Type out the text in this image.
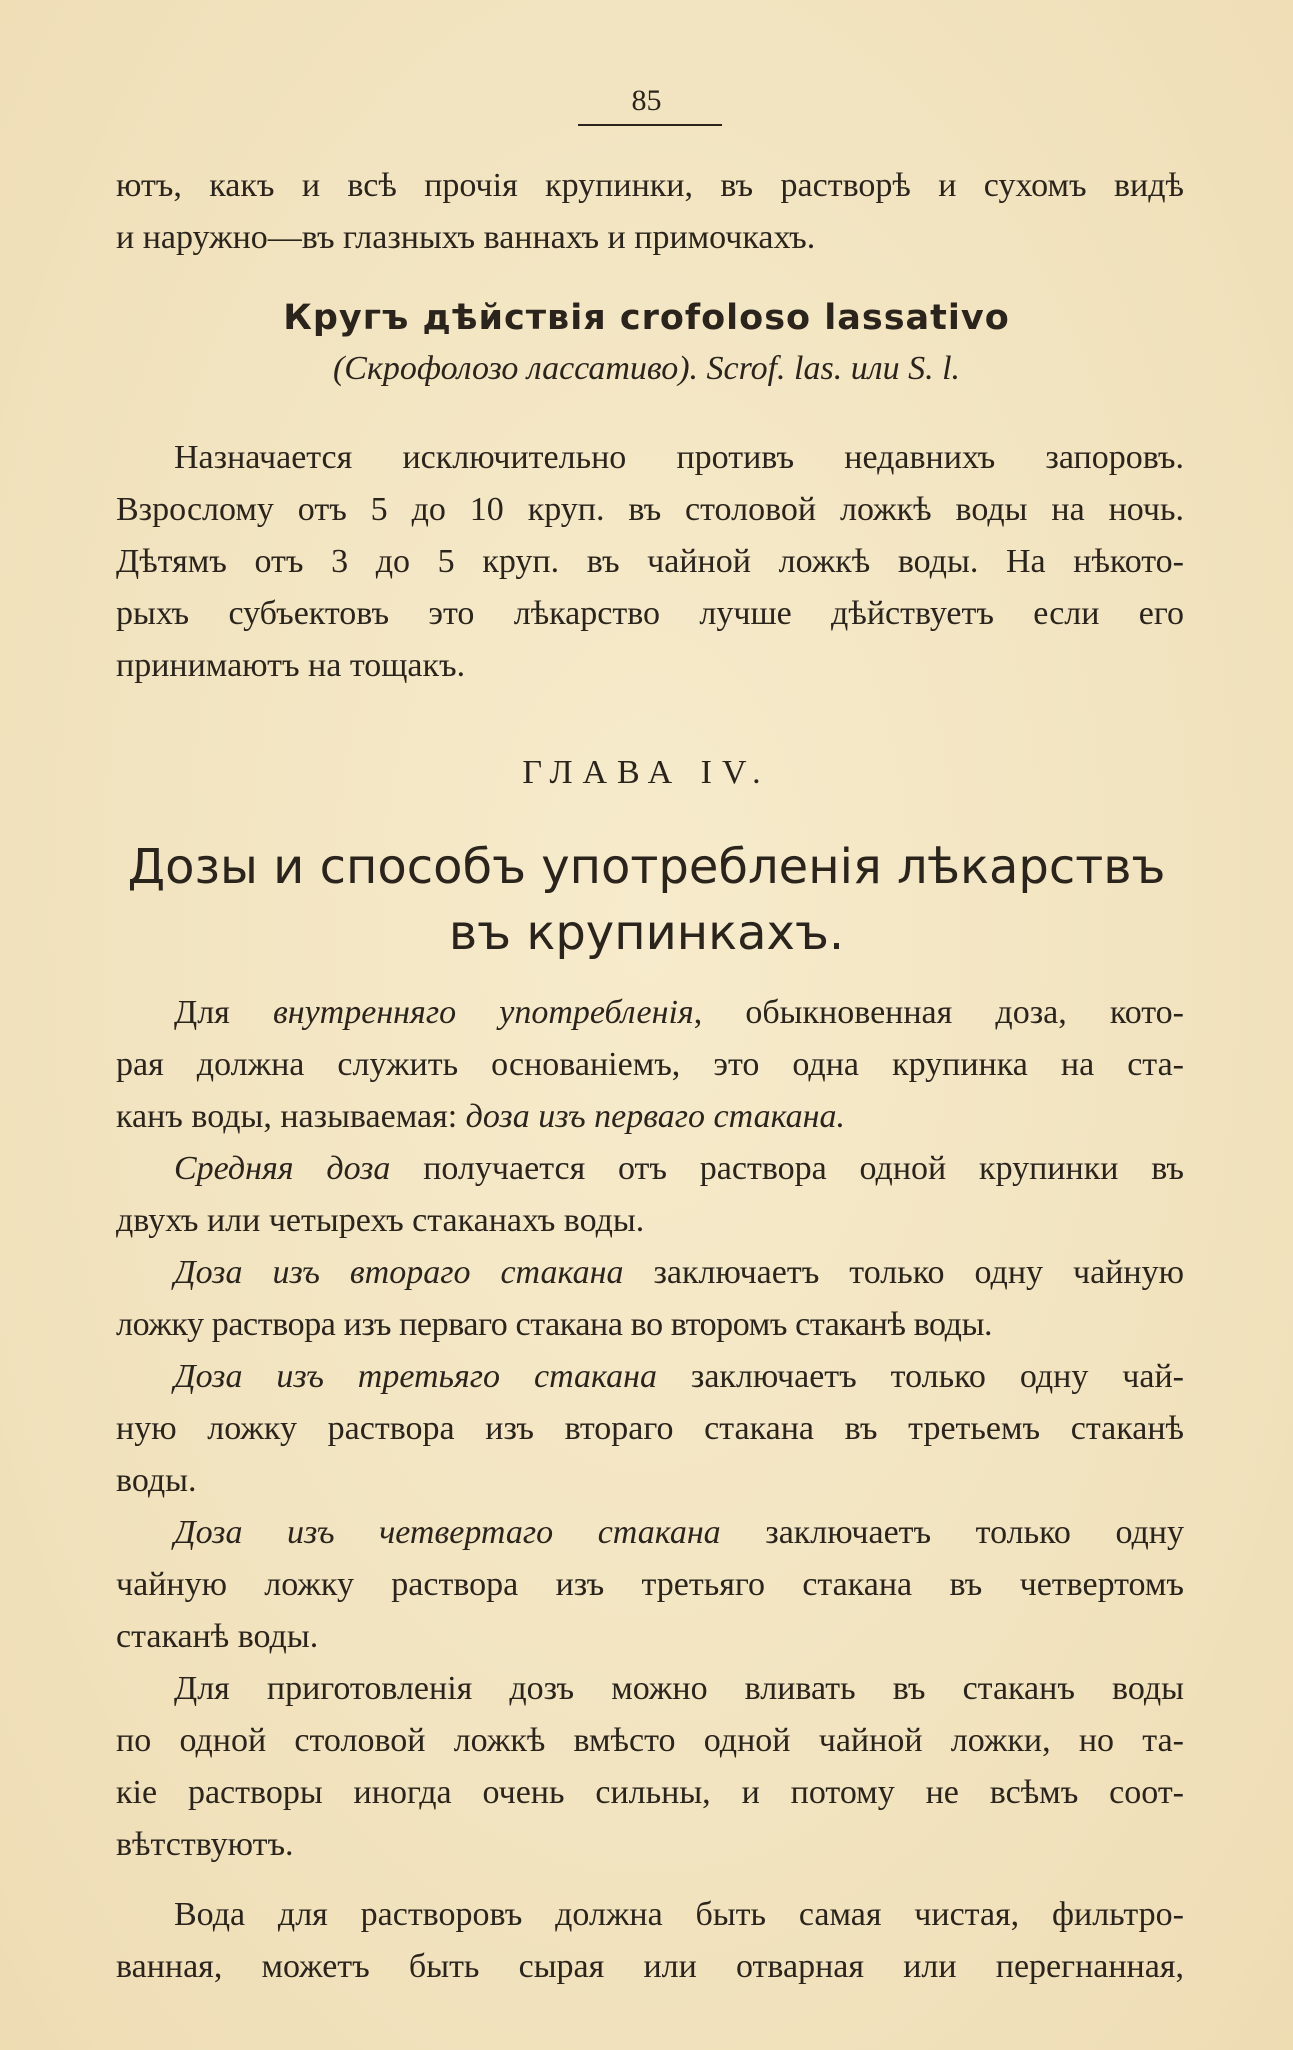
85
ютъ, какъ и всѣ прочія крупинки, въ растворѣ и сухомъ видѣ
и наружно—въ глазныхъ ваннахъ и примочкахъ.
Кругъ дѣйствія crofoloso lassativo
(Скрофолозо лассативо). Scrof. las. или S. l.
Назначается исключительно противъ недавнихъ запоровъ.
Взрослому отъ 5 до 10 круп. въ столовой ложкѣ воды на ночь.
Дѣтямъ отъ 3 до 5 круп. въ чайной ложкѣ воды. На нѣкото-
рыхъ субъектовъ это лѣкарство лучше дѣйствуетъ если его
принимаютъ на тощакъ.
ГЛАВА IV.
Дозы и способъ употребленія лѣкарствъ
въ крупинкахъ.
Для внутренняго употребленія, обыкновенная доза, кото-
рая должна служить основаніемъ, это одна крупинка на ста-
канъ воды, называемая: доза изъ перваго стакана.
Средняя доза получается отъ раствора одной крупинки въ
двухъ или четырехъ стаканахъ воды.
Доза изъ втораго стакана заключаетъ только одну чайную
ложку раствора изъ перваго стакана во второмъ стаканѣ воды.
Доза изъ третьяго стакана заключаетъ только одну чай-
ную ложку раствора изъ втораго стакана въ третьемъ стаканѣ
воды.
Доза изъ четвертаго стакана заключаетъ только одну
чайную ложку раствора изъ третьяго стакана въ четвертомъ
стаканѣ воды.
Для приготовленія дозъ можно вливать въ стаканъ воды
по одной столовой ложкѣ вмѣсто одной чайной ложки, но та-
кіе растворы иногда очень сильны, и потому не всѣмъ соот-
вѣтствуютъ.
Вода для растворовъ должна быть самая чистая, фильтро-
ванная, можетъ быть сырая или отварная или перегнанная,
